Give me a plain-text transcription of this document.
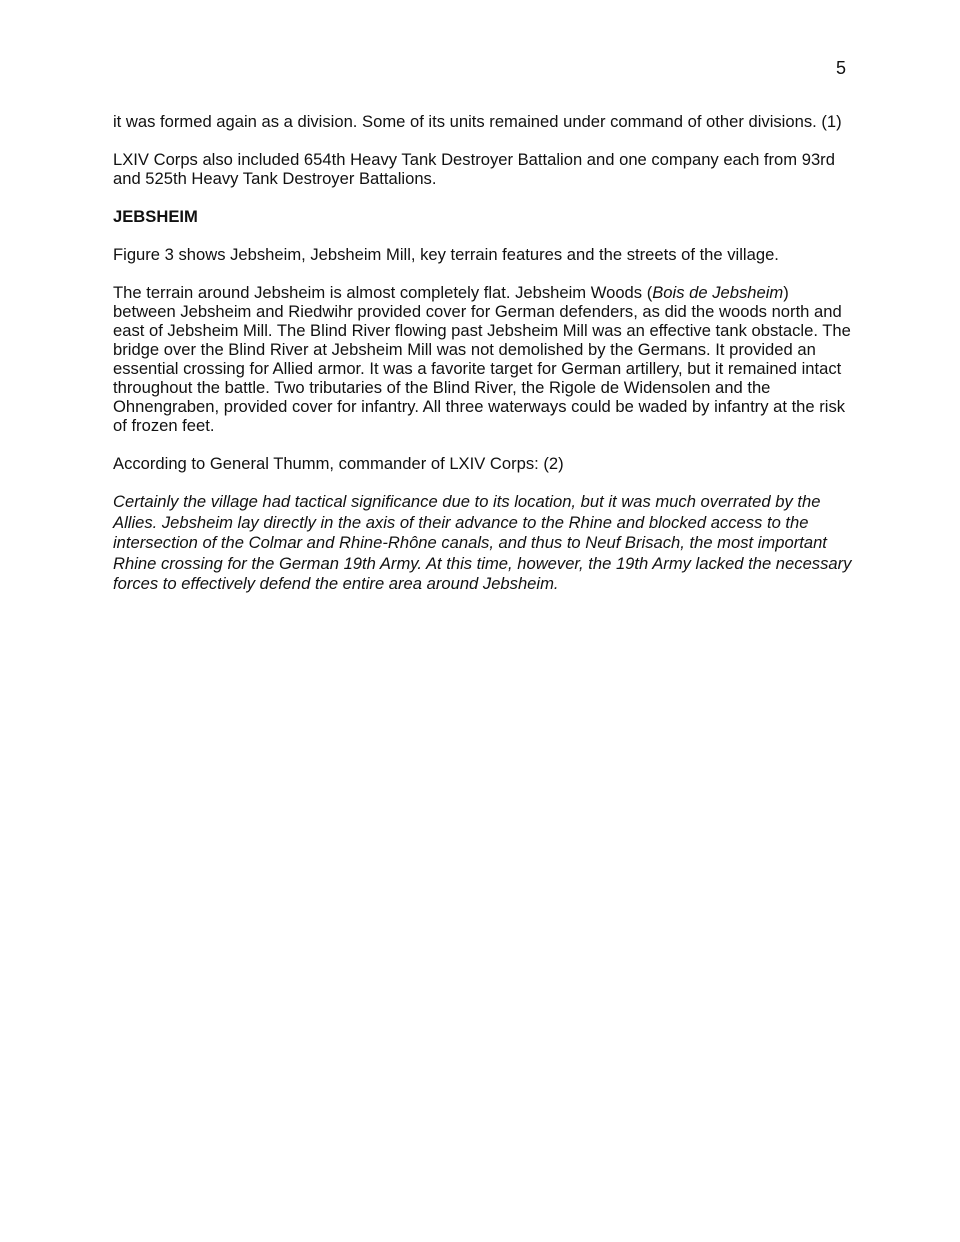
5

it was formed again as a division. Some of its units remained under command of other divisions. (1)

LXIV Corps also included 654th Heavy Tank Destroyer Battalion and one company each from 93rd and 525th Heavy Tank Destroyer Battalions.

JEBSHEIM

Figure 3 shows Jebsheim, Jebsheim Mill, key terrain features and the streets of the village.

The terrain around Jebsheim is almost completely flat. Jebsheim Woods (Bois de Jebsheim) between Jebsheim and Riedwihr provided cover for German defenders, as did the woods north and east of Jebsheim Mill. The Blind River flowing past Jebsheim Mill was an effective tank obstacle. The bridge over the Blind River at Jebsheim Mill was not demolished by the Germans. It provided an essential crossing for Allied armor. It was a favorite target for German artillery, but it remained intact throughout the battle. Two tributaries of the Blind River, the Rigole de Widensolen and the Ohnengraben, provided cover for infantry. All three waterways could be waded by infantry at the risk of frozen feet.

According to General Thumm, commander of LXIV Corps: (2)

Certainly the village had tactical significance due to its location, but it was much overrated by the Allies. Jebsheim lay directly in the axis of their advance to the Rhine and blocked access to the intersection of the Colmar and Rhine-Rhône canals, and thus to Neuf Brisach, the most important Rhine crossing for the German 19th Army. At this time, however, the 19th Army lacked the necessary forces to effectively defend the entire area around Jebsheim.
